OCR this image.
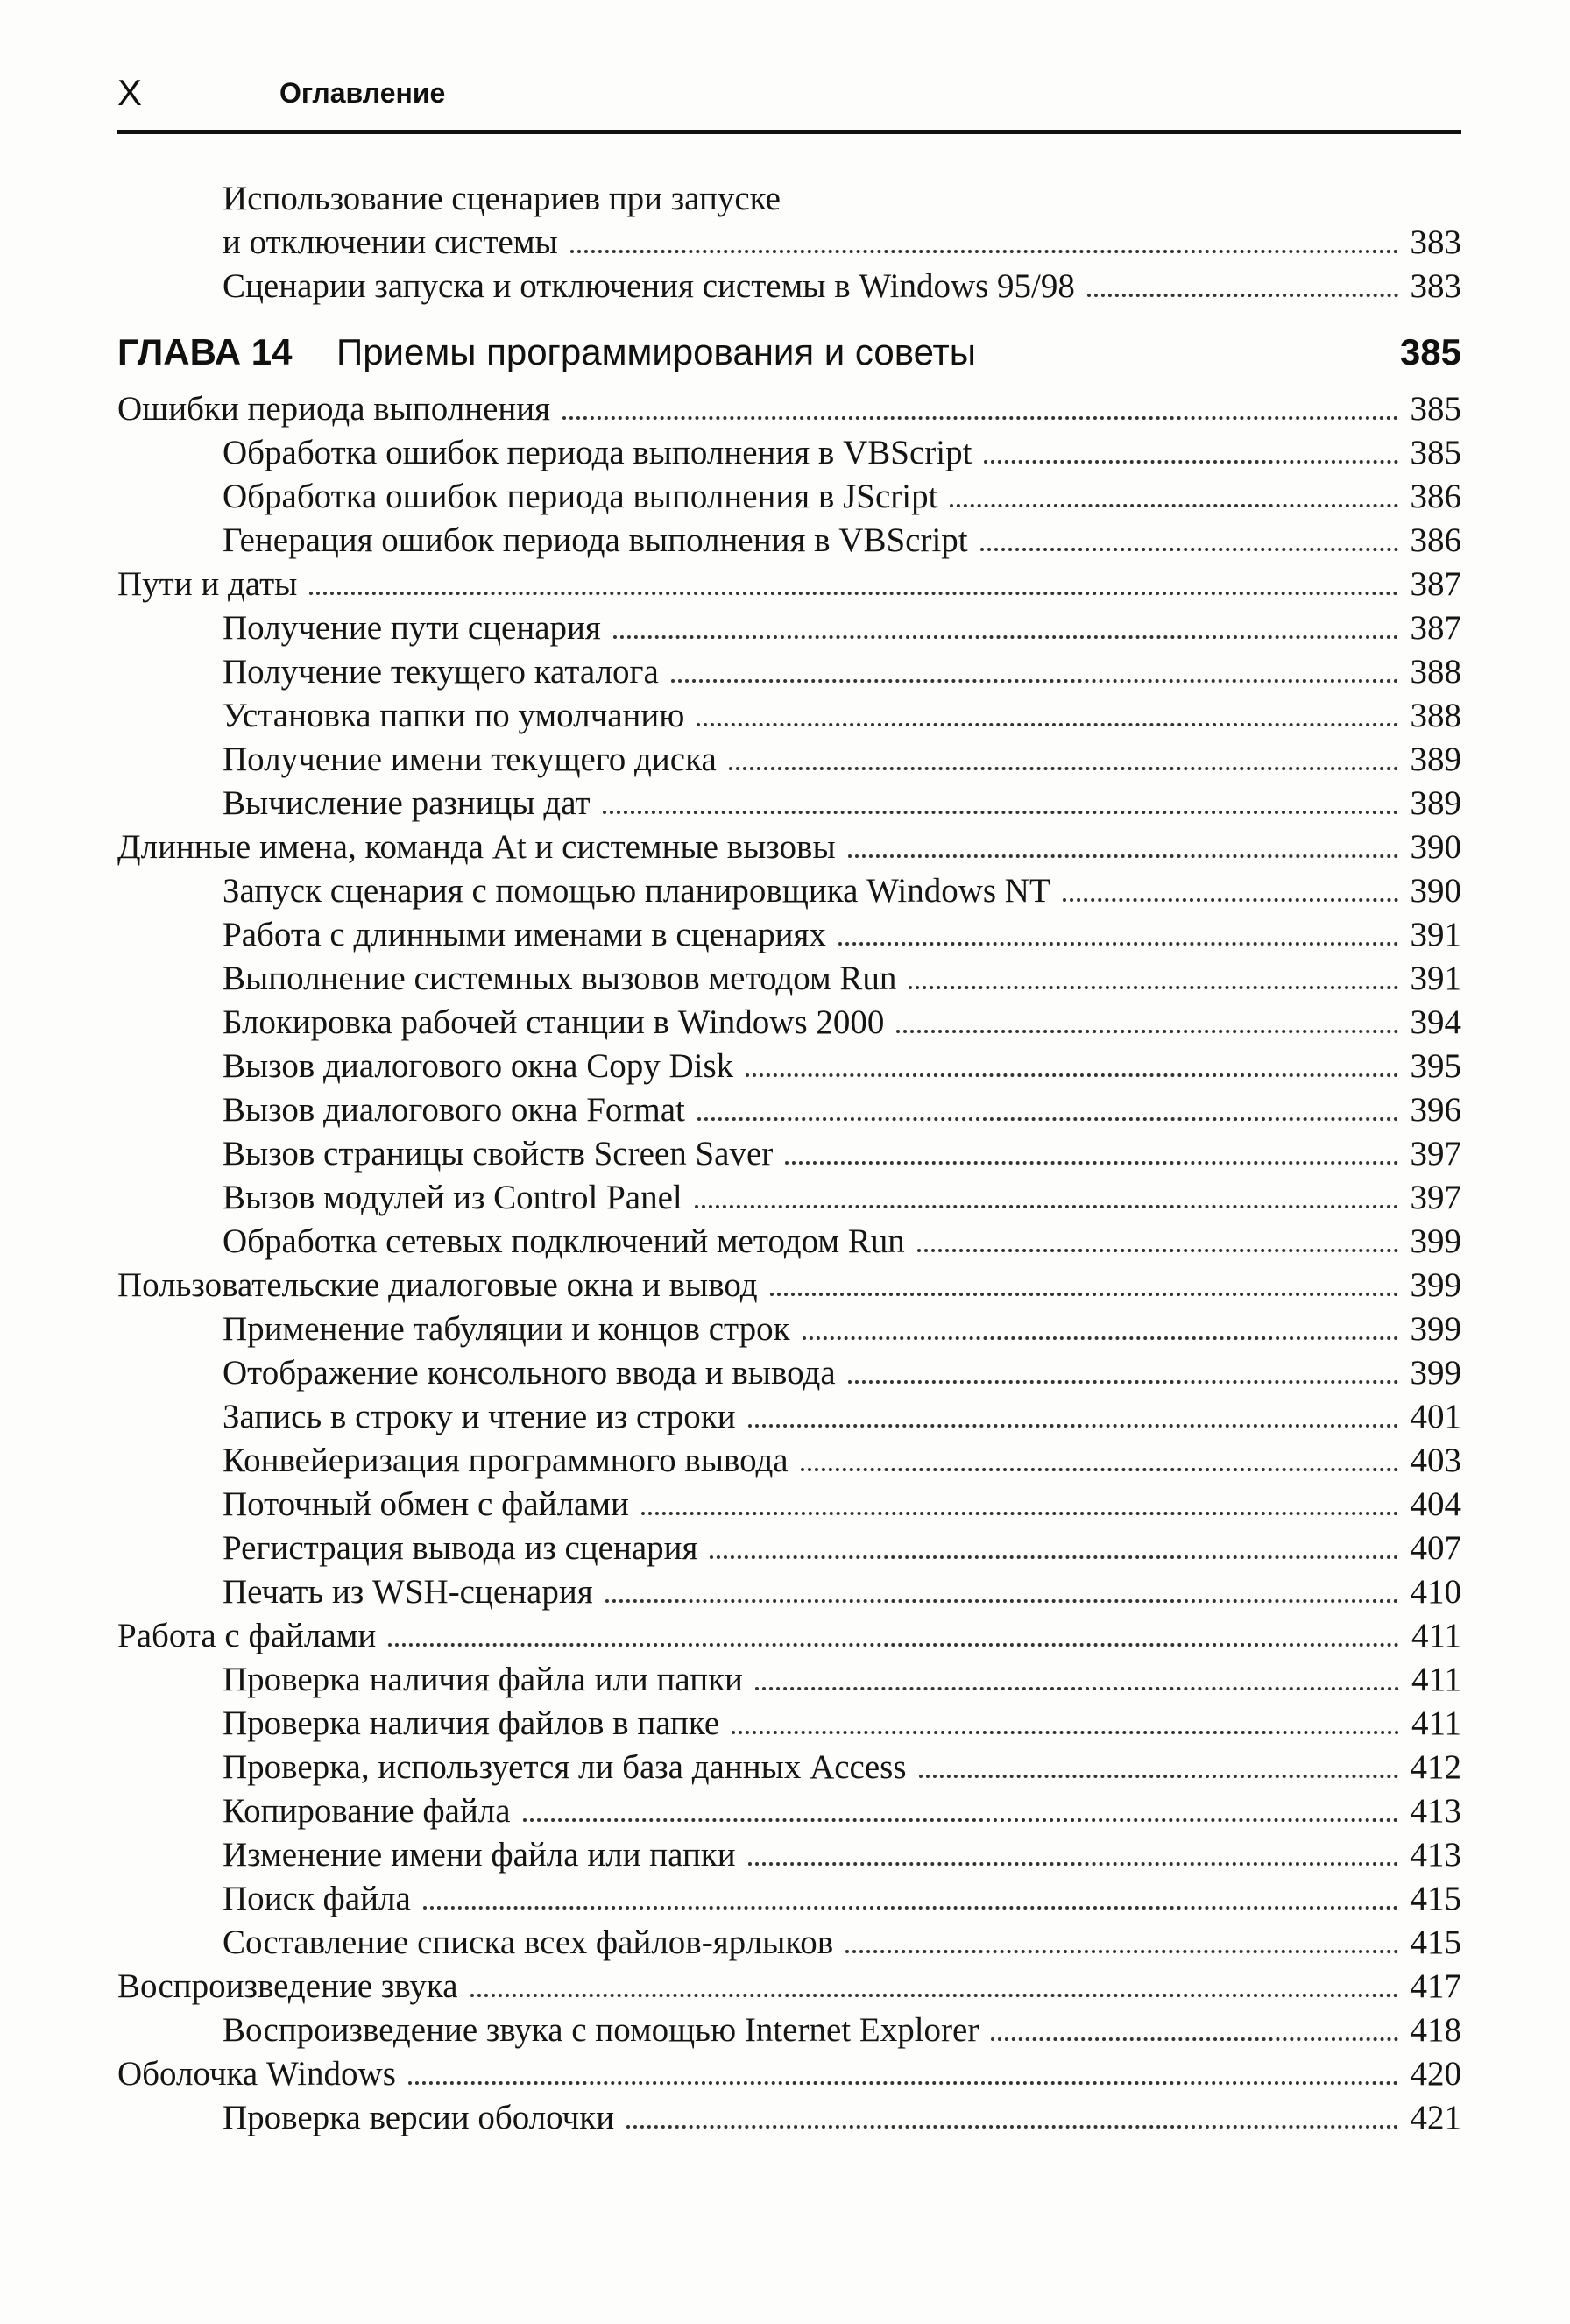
X	Оглавление
Использование сценариев при запуске
и отключении системы	383
Сценарии запуска и отключения системы в Windows 95/98	383
ГЛАВА 14	Приемы программирования и советы	385
Ошибки периода выполнения	385
Обработка ошибок периода выполнения в VBScript	385
Обработка ошибок периода выполнения в JScript	386
Генерация ошибок периода выполнения в VBScript	386
Пути и даты	387
Получение пути сценария	387
Получение текущего каталога	388
Установка папки по умолчанию	388
Получение имени текущего диска	389
Вычисление разницы дат	389
Длинные имена, команда At и системные вызовы	390
Запуск сценария с помощью планировщика Windows NT	390
Работа с длинными именами в сценариях	391
Выполнение системных вызовов методом Run	391
Блокировка рабочей станции в Windows 2000	394
Вызов диалогового окна Copy Disk	395
Вызов диалогового окна Format	396
Вызов страницы свойств Screen Saver	397
Вызов модулей из Control Panel	397
Обработка сетевых подключений методом Run	399
Пользовательские диалоговые окна и вывод	399
Применение табуляции и концов строк	399
Отображение консольного ввода и вывода	399
Запись в строку и чтение из строки	401
Конвейеризация программного вывода	403
Поточный обмен с файлами	404
Регистрация вывода из сценария	407
Печать из WSH-сценария	410
Работа с файлами	411
Проверка наличия файла или папки	411
Проверка наличия файлов в папке	411
Проверка, используется ли база данных Access	412
Копирование файла	413
Изменение имени файла или папки	413
Поиск файла	415
Составление списка всех файлов-ярлыков	415
Воспроизведение звука	417
Воспроизведение звука с помощью Internet Explorer	418
Оболочка Windows	420
Проверка версии оболочки	421
